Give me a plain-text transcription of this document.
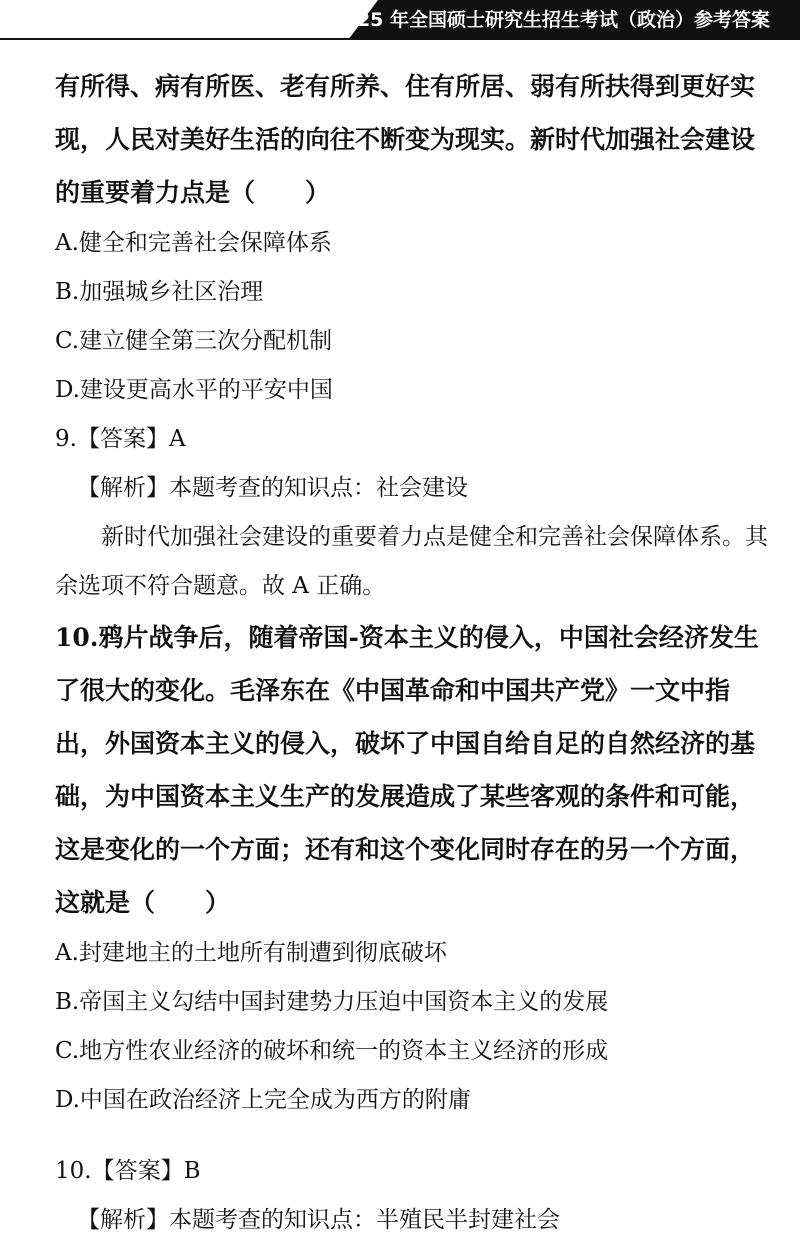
2025 年全国硕士研究生招生考试（政治）参考答案

有所得、病有所医、老有所养、住有所居、弱有所扶得到更好实现，人民对美好生活的向往不断变为现实。新时代加强社会建设的重要着力点是（　　）

A.健全和完善社会保障体系

B.加强城乡社区治理

C.建立健全第三次分配机制

D.建设更高水平的平安中国

9.【答案】A

【解析】本题考查的知识点：社会建设

新时代加强社会建设的重要着力点是健全和完善社会保障体系。其余选项不符合题意。故 A 正确。

10.鸦片战争后，随着帝国-资本主义的侵入，中国社会经济发生了很大的变化。毛泽东在《中国革命和中国共产党》一文中指出，外国资本主义的侵入，破坏了中国自给自足的自然经济的基础，为中国资本主义生产的发展造成了某些客观的条件和可能，这是变化的一个方面；还有和这个变化同时存在的另一个方面，这就是（　　）

A.封建地主的土地所有制遭到彻底破坏

B.帝国主义勾结中国封建势力压迫中国资本主义的发展

C.地方性农业经济的破坏和统一的资本主义经济的形成

D.中国在政治经济上完全成为西方的附庸

10.【答案】B

【解析】本题考查的知识点：半殖民半封建社会
